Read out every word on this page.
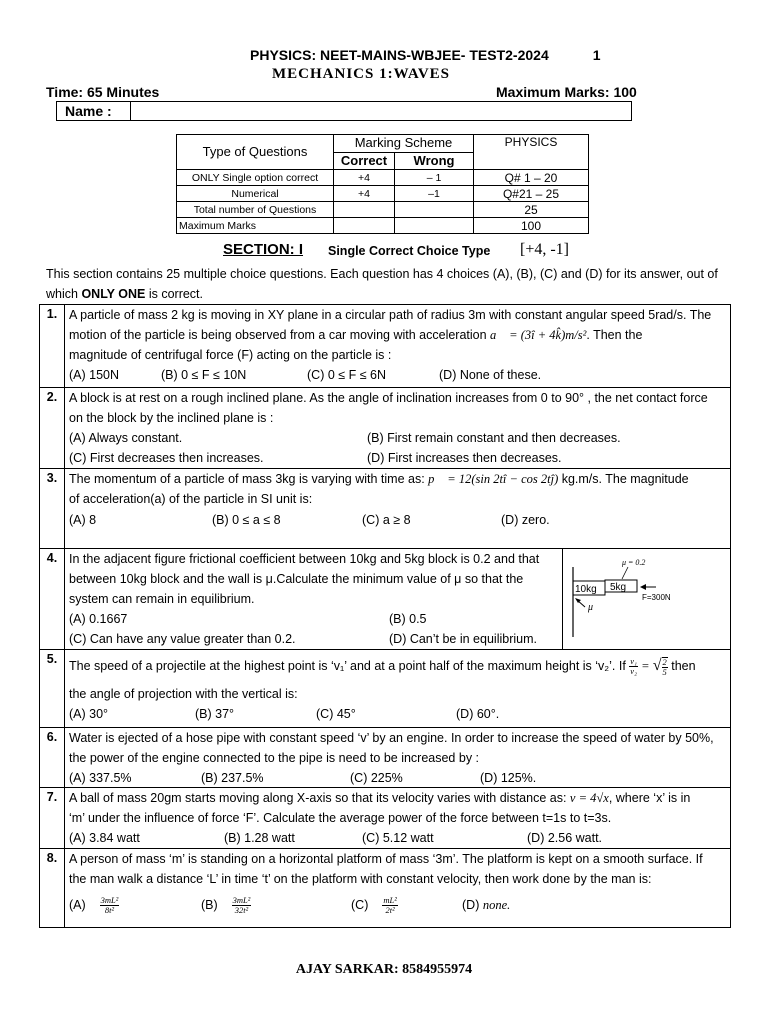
PHYSICS: NEET-MAINS-WBJEE- TEST2-2024	1
MECHANICS 1:WAVES
Time: 65 Minutes	Maximum Marks: 100
Name :
Type of Questions	Marking Scheme		PHYSICS
	Correct	Wrong	
ONLY Single option correct	+4	– 1	Q# 1 – 20
Numerical	+4	–1	Q#21 – 25
Total number of Questions			25
Maximum Marks			100
SECTION: I Single Correct Choice Type [+4, -1]
This section contains 25 multiple choice questions. Each question has 4 choices (A), (B), (C) and (D) for its answer, out of
which ONLY ONE is correct.
1. A particle of mass 2 kg is moving in XY plane in a circular path of radius 3m with constant angular speed 5rad/s. The
motion of the particle is being observed from a car moving with acceleration a⃗ = (3î + 4k̂)m/s². Then the
magnitude of centrifugal force (F) acting on the particle is :
(A) 150N	(B) 0 ≤ F ≤ 10N	(C) 0 ≤ F ≤ 6N	(D) None of these.
2. A block is at rest on a rough inclined plane. As the angle of inclination increases from 0 to 90° , the net contact force
on the block by the inclined plane is :
(A) Always constant.	(B) First remain constant and then decreases.
(C) First decreases then increases.	(D) First increases then decreases.
3. The momentum of a particle of mass 3kg is varying with time as: p⃗ = 12(sin 2tî − cos 2tĵ) kg.m/s. The magnitude
of acceleration(a) of the particle in SI unit is:
(A) 8	(B) 0 ≤ a ≤ 8	(C) a ≥ 8	(D) zero.
4. In the adjacent figure frictional coefficient between 10kg and 5kg block is 0.2 and that
between 10kg block and the wall is μ.Calculate the minimum value of μ so that the
system can remain in equilibrium.
(A) 0.1667	(B) 0.5
(C) Can have any value greater than 0.2.	(D) Can’t be in equilibrium.
μ = 0.2
10kg 5kg
F=300N
μ
5. The speed of a projectile at the highest point is ‘v₁’ and at a point half of the maximum height is ‘v₂’. If $\frac{\text{v₁}}{\text{v₂}}$ = √ $\frac{2}{5}$ then
the angle of projection with the vertical is:
(A) 30°	(B) 37°	(C) 45°	(D) 60°.
6. Water is ejected of a hose pipe with constant speed ‘v’ by an engine. In order to increase the speed of water by 50%,
the power of the engine connected to the pipe is need to be increased by :
(A) 337.5%	(B) 237.5%	(C) 225%	(D) 125%.
7. A ball of mass 20gm starts moving along X-axis so that its velocity varies with distance as: v = 4√x, where ‘x’ is in
‘m’ under the influence of force ‘F’. Calculate the average power of the force between t=1s to t=3s.
(A) 3.84 watt	(B) 1.28 watt	(C) 5.12 watt	(D) 2.56 watt.
8. A person of mass ‘m’ is standing on a horizontal platform of mass ‘3m’. The platform is kept on a smooth surface. If
the man walk a distance ‘L’ in time ‘t’ on the platform with constant velocity, then work done by the man is:
$(A) \frac{\text{3mL²}}{\text{8t²}}$	$(B) \frac{\text{3mL²}}{\text{32t²}}$	$(C) \frac{\text{mL²}}{\text{2t²}}$	(D) none.
AJAY SARKAR: 8584955974
